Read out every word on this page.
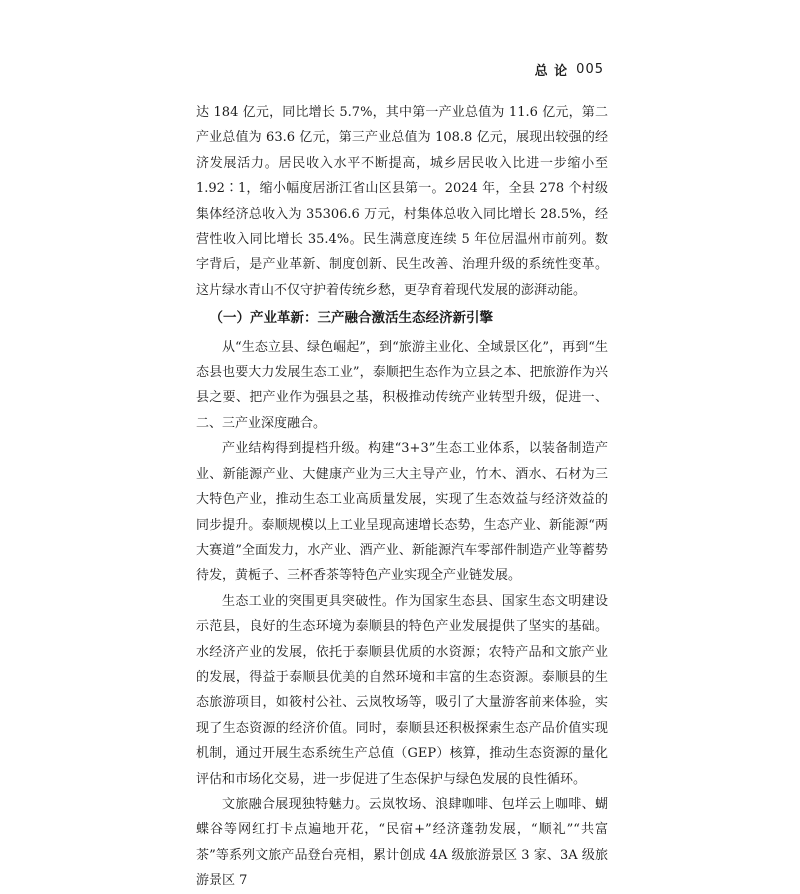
总 论 005

达 184 亿元，同比增长 5.7%，其中第一产业总值为 11.6 亿元，第二产业总值为 63.6 亿元，第三产业总值为 108.8 亿元，展现出较强的经济发展活力。居民收入水平不断提高，城乡居民收入比进一步缩小至 1.92∶1，缩小幅度居浙江省山区县第一。2024 年，全县 278 个村级集体经济总收入为 35306.6 万元，村集体总收入同比增长 28.5%，经营性收入同比增长 35.4%。民生满意度连续 5 年位居温州市前列。数字背后，是产业革新、制度创新、民生改善、治理升级的系统性变革。这片绿水青山不仅守护着传统乡愁，更孕育着现代发展的澎湃动能。

（一）产业革新：三产融合激活生态经济新引擎

从“生态立县、绿色崛起”，到“旅游主业化、全域景区化”，再到“生态县也要大力发展生态工业”，泰顺把生态作为立县之本、把旅游作为兴县之要、把产业作为强县之基，积极推动传统产业转型升级，促进一、二、三产业深度融合。

产业结构得到提档升级。构建“3+3”生态工业体系，以装备制造产业、新能源产业、大健康产业为三大主导产业，竹木、酒水、石材为三大特色产业，推动生态工业高质量发展，实现了生态效益与经济效益的同步提升。泰顺规模以上工业呈现高速增长态势，生态产业、新能源“两大赛道”全面发力，水产业、酒产业、新能源汽车零部件制造产业等蓄势待发，黄栀子、三杯香茶等特色产业实现全产业链发展。

生态工业的突围更具突破性。作为国家生态县、国家生态文明建设示范县，良好的生态环境为泰顺县的特色产业发展提供了坚实的基础。水经济产业的发展，依托于泰顺县优质的水资源；农特产品和文旅产业的发展，得益于泰顺县优美的自然环境和丰富的生态资源。泰顺县的生态旅游项目，如筱村公社、云岚牧场等，吸引了大量游客前来体验，实现了生态资源的经济价值。同时，泰顺县还积极探索生态产品价值实现机制，通过开展生态系统生产总值（GEP）核算，推动生态资源的量化评估和市场化交易，进一步促进了生态保护与绿色发展的良性循环。

文旅融合展现独特魅力。云岚牧场、浪肆咖啡、包垟云上咖啡、蝴蝶谷等网红打卡点遍地开花，“民宿+”经济蓬勃发展，“顺礼”“共富茶”等系列文旅产品登台亮相，累计创成 4A 级旅游景区 3 家、3A 级旅游景区 7
